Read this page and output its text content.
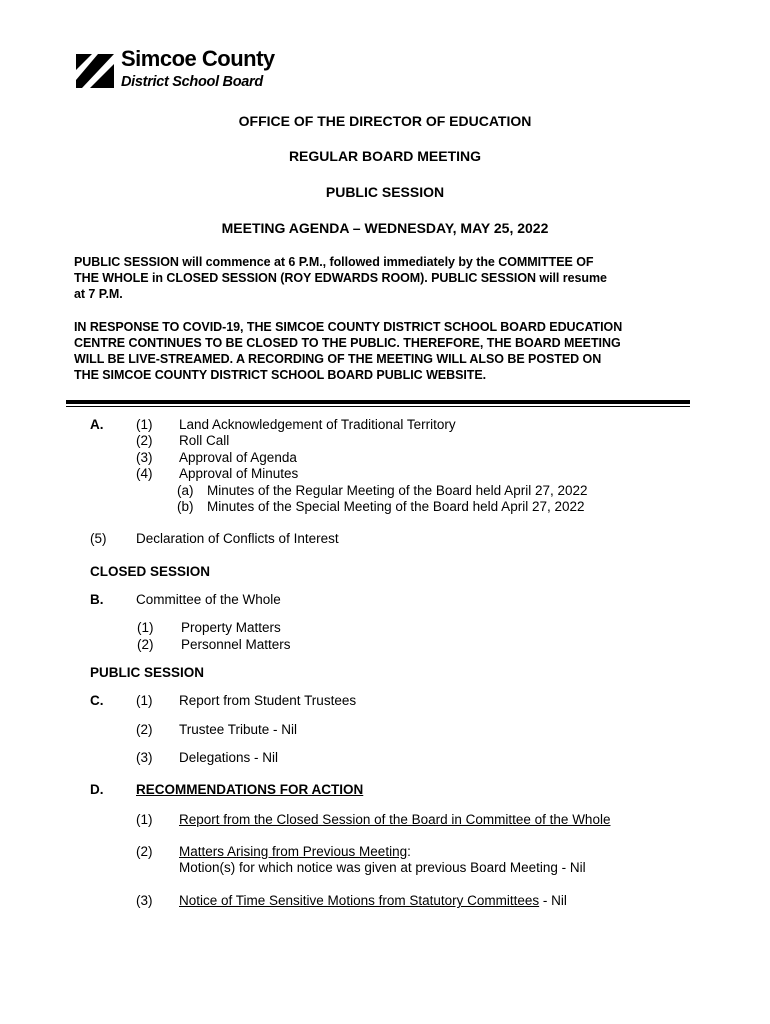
Simcoe County
District School Board
OFFICE OF THE DIRECTOR OF EDUCATION
REGULAR BOARD MEETING
PUBLIC SESSION
MEETING AGENDA – WEDNESDAY, MAY 25, 2022
PUBLIC SESSION will commence at 6 P.M., followed immediately by the COMMITTEE OF
THE WHOLE in CLOSED SESSION (ROY EDWARDS ROOM). PUBLIC SESSION will resume
at 7 P.M.
IN RESPONSE TO COVID-19, THE SIMCOE COUNTY DISTRICT SCHOOL BOARD EDUCATION
CENTRE CONTINUES TO BE CLOSED TO THE PUBLIC. THEREFORE, THE BOARD MEETING
WILL BE LIVE-STREAMED. A RECORDING OF THE MEETING WILL ALSO BE POSTED ON
THE SIMCOE COUNTY DISTRICT SCHOOL BOARD PUBLIC WEBSITE.
A. (1) Land Acknowledgement of Traditional Territory
(2) Roll Call
(3) Approval of Agenda
(4) Approval of Minutes
(a) Minutes of the Regular Meeting of the Board held April 27, 2022
(b) Minutes of the Special Meeting of the Board held April 27, 2022
(5) Declaration of Conflicts of Interest
CLOSED SESSION
B. Committee of the Whole
(1) Property Matters
(2) Personnel Matters
PUBLIC SESSION
C. (1) Report from Student Trustees
(2) Trustee Tribute - Nil
(3) Delegations - Nil
D. RECOMMENDATIONS FOR ACTION
(1) Report from the Closed Session of the Board in Committee of the Whole
(2) Matters Arising from Previous Meeting:
Motion(s) for which notice was given at previous Board Meeting - Nil
(3) Notice of Time Sensitive Motions from Statutory Committees - Nil
